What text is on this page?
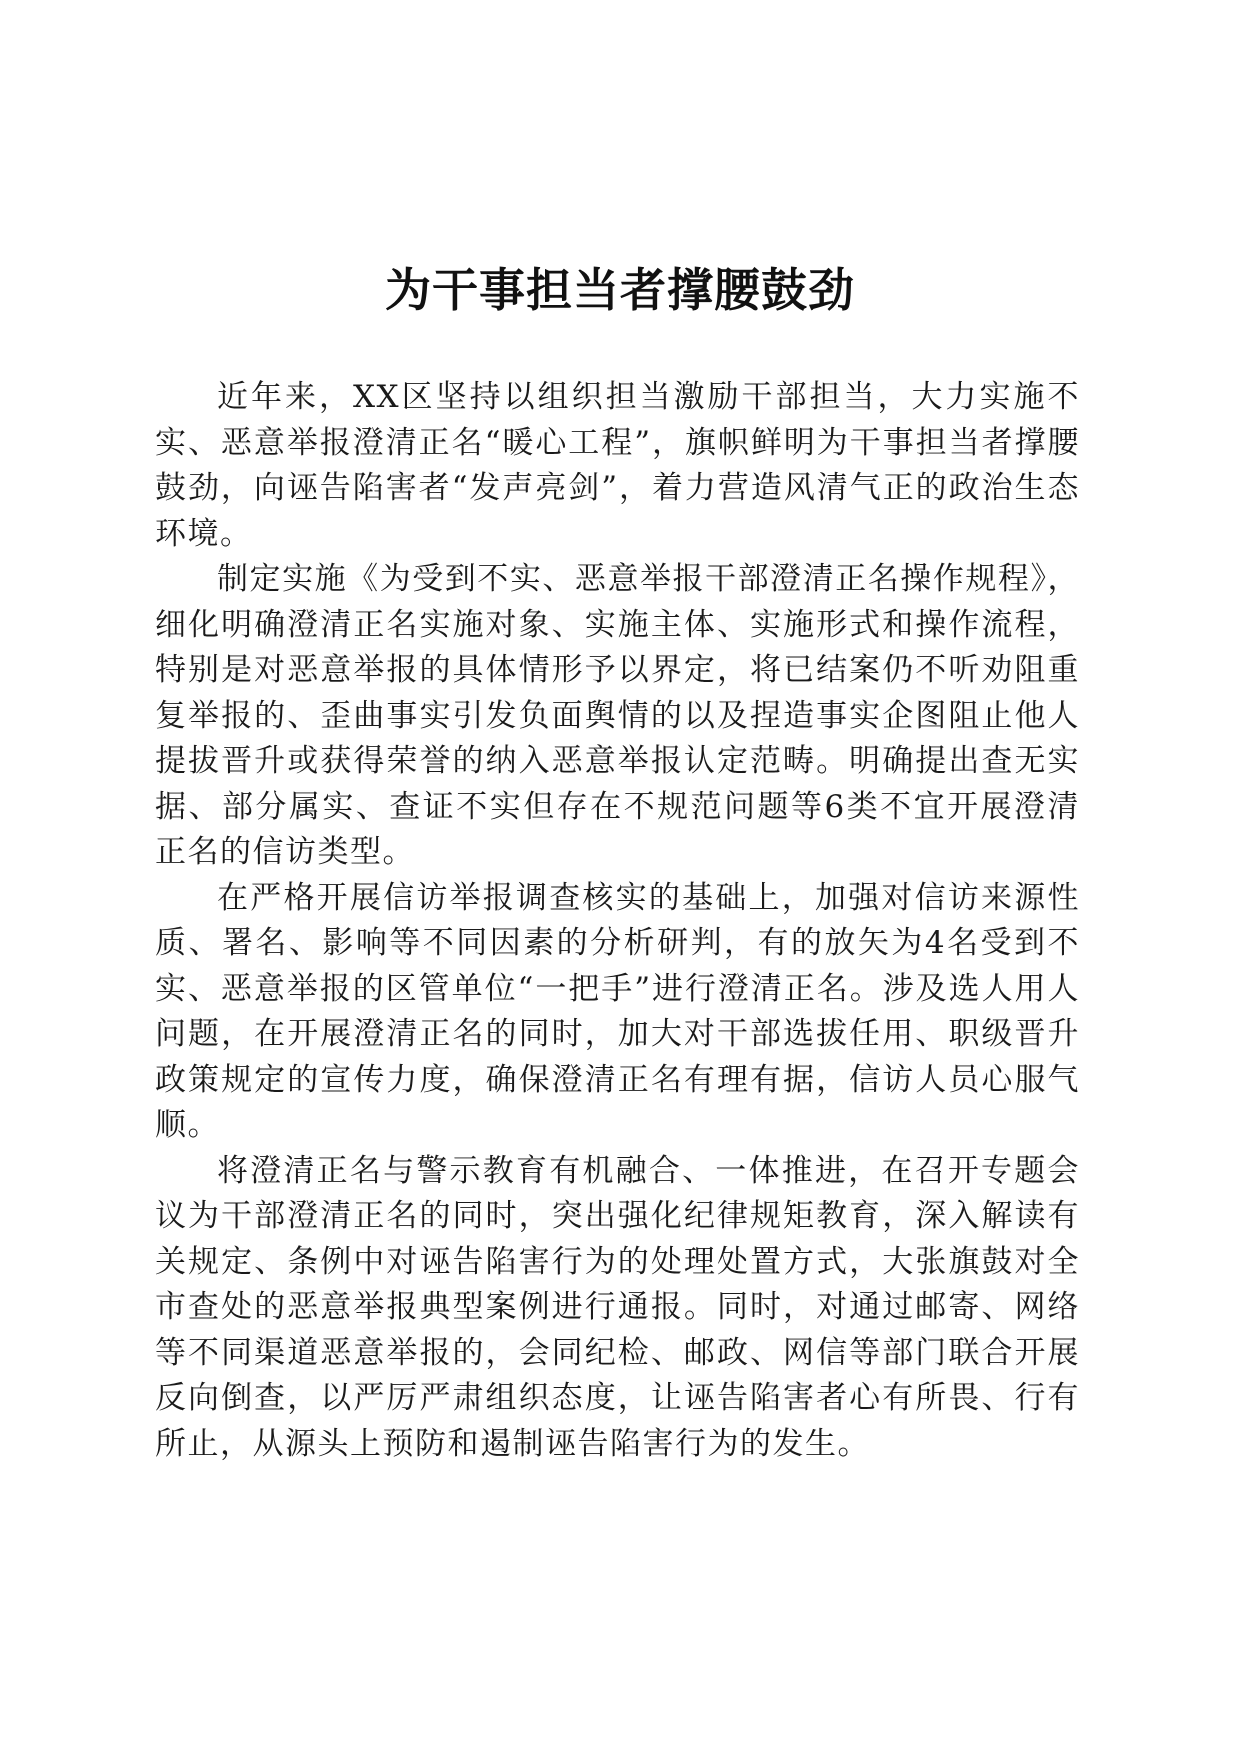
为干事担当者撑腰鼓劲

近年来，XX区坚持以组织担当激励干部担当，大力实施不实、恶意举报澄清正名“暖心工程”，旗帜鲜明为干事担当者撑腰鼓劲，向诬告陷害者“发声亮剑”，着力营造风清气正的政治生态环境。

制定实施《为受到不实、恶意举报干部澄清正名操作规程》，细化明确澄清正名实施对象、实施主体、实施形式和操作流程，特别是对恶意举报的具体情形予以界定，将已结案仍不听劝阻重复举报的、歪曲事实引发负面舆情的以及捏造事实企图阻止他人提拔晋升或获得荣誉的纳入恶意举报认定范畴。明确提出查无实据、部分属实、查证不实但存在不规范问题等6类不宜开展澄清正名的信访类型。

在严格开展信访举报调查核实的基础上，加强对信访来源性质、署名、影响等不同因素的分析研判，有的放矢为4名受到不实、恶意举报的区管单位“一把手”进行澄清正名。涉及选人用人问题，在开展澄清正名的同时，加大对干部选拔任用、职级晋升政策规定的宣传力度，确保澄清正名有理有据，信访人员心服气顺。

将澄清正名与警示教育有机融合、一体推进，在召开专题会议为干部澄清正名的同时，突出强化纪律规矩教育，深入解读有关规定、条例中对诬告陷害行为的处理处置方式，大张旗鼓对全市查处的恶意举报典型案例进行通报。同时，对通过邮寄、网络等不同渠道恶意举报的，会同纪检、邮政、网信等部门联合开展反向倒查，以严厉严肃组织态度，让诬告陷害者心有所畏、行有所止，从源头上预防和遏制诬告陷害行为的发生。
